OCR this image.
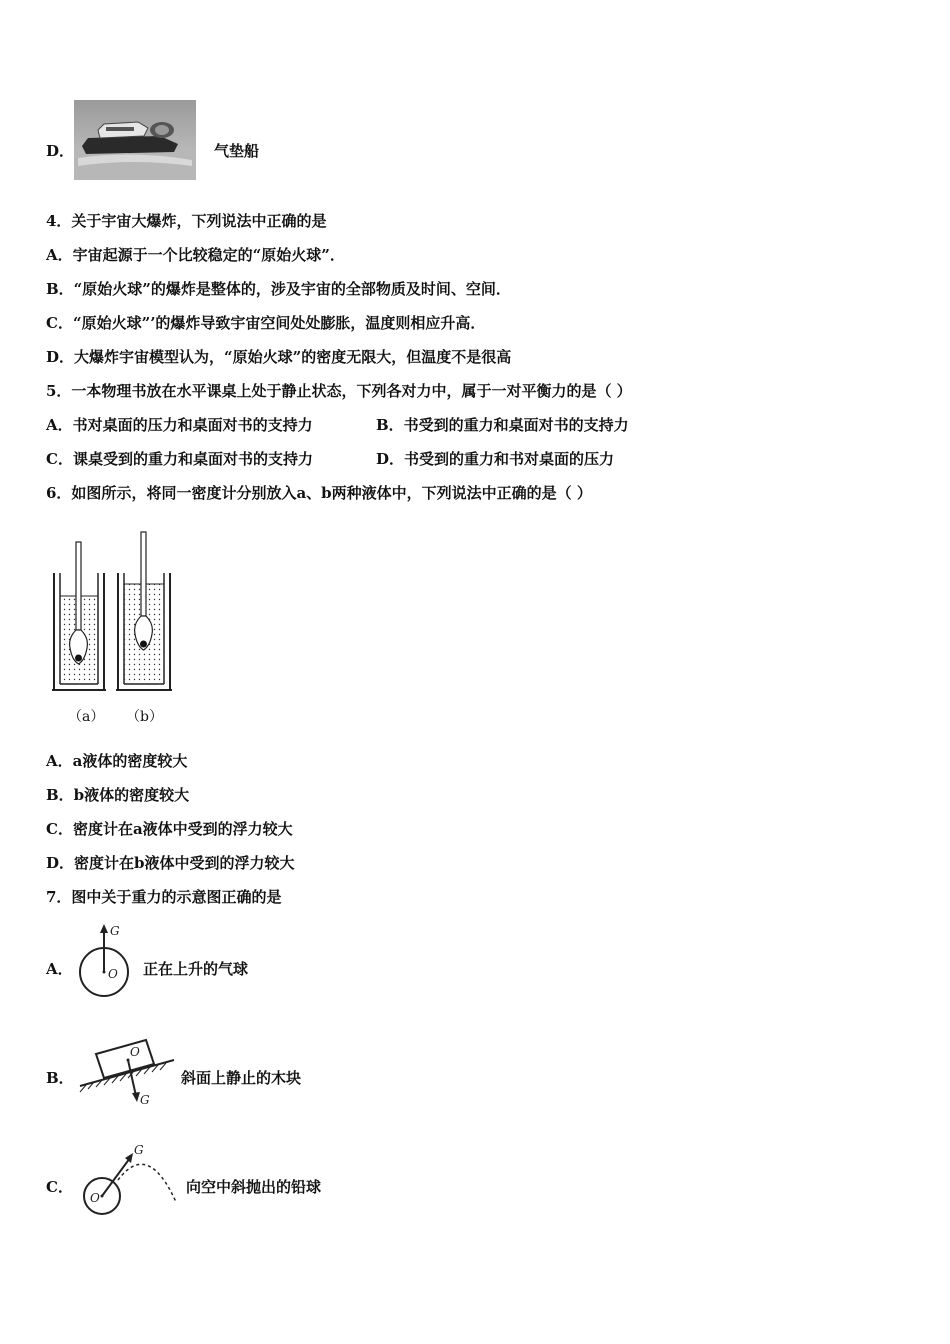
D．	气垫船
4．关于宇宙大爆炸，下列说法中正确的是
A．宇宙起源于一个比较稳定的“原始火球”．
B．“原始火球”的爆炸是整体的，涉及宇宙的全部物质及时间、空间．
C．“原始火球”’的爆炸导致宇宙空间处处膨胀，温度则相应升高．
D．大爆炸宇宙模型认为，“原始火球”的密度无限大，但温度不是很高
5．一本物理书放在水平课桌上处于静止状态，下列各对力中，属于一对平衡力的是（ ）
A．书对桌面的压力和桌面对书的支持力	B．书受到的重力和桌面对书的支持力
C．课桌受到的重力和桌面对书的支持力	D．书受到的重力和书对桌面的压力
6．如图所示，将同一密度计分别放入a、b两种液体中，下列说法中正确的是（ ）
（a） （b）
A．a液体的密度较大
B．b液体的密度较大
C．密度计在a液体中受到的浮力较大
D．密度计在b液体中受到的浮力较大
7．图中关于重力的示意图正确的是
A．
G
O 正在上升的气球
B．
O
G
斜面上静止的木块
C．
G
O
向空中斜抛出的铅球
